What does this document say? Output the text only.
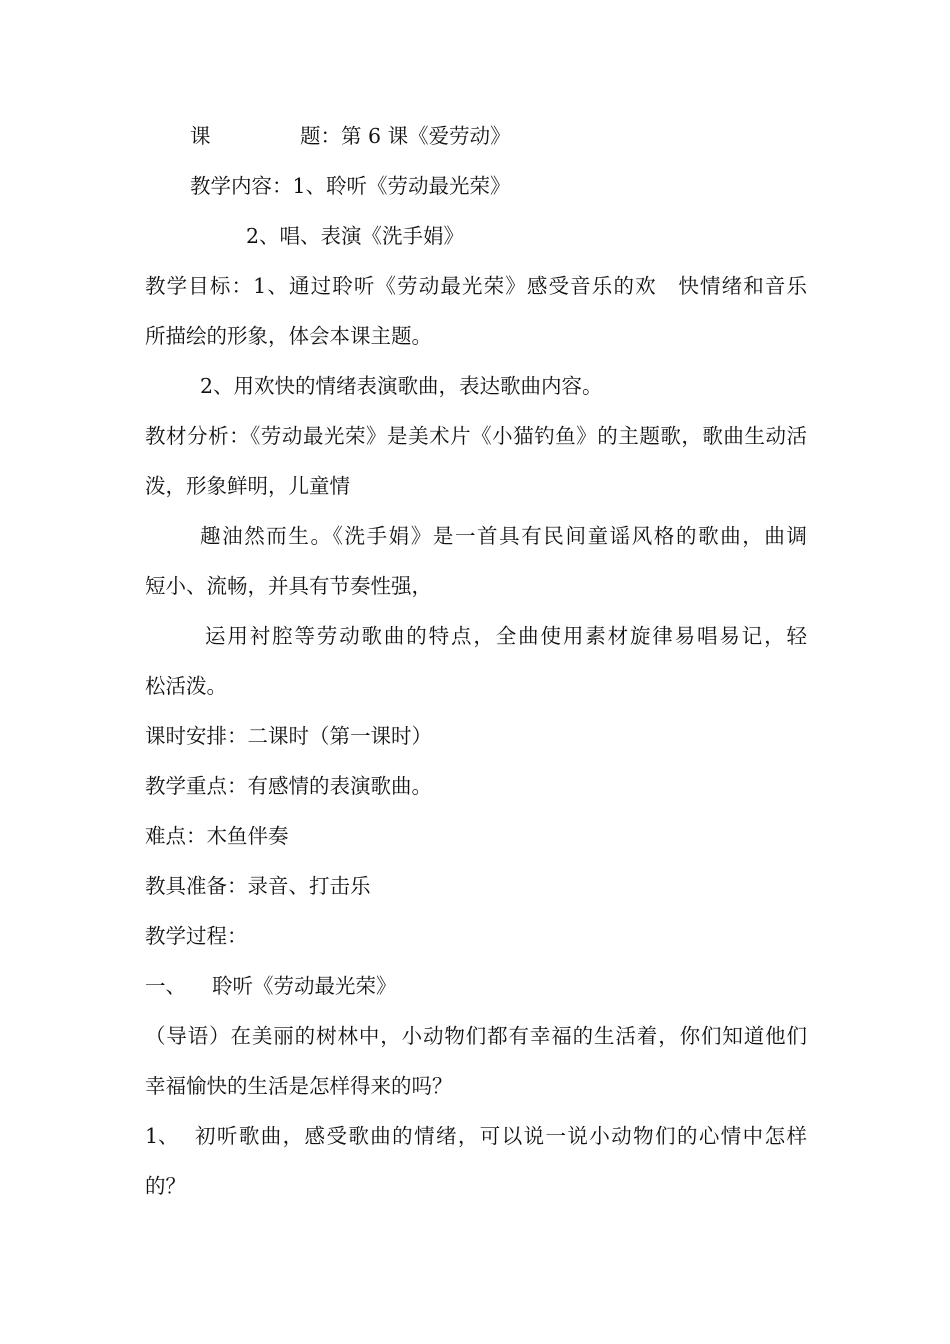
课	题：第 6 课《爱劳动》
教学内容：1、聆听《劳动最光荣》
2、唱、表演《洗手娟》
教学目标：1、通过聆听《劳动最光荣》感受音乐的欢　快情绪和音乐
所描绘的形象，体会本课主题。
2、用欢快的情绪表演歌曲，表达歌曲内容。
教材分析：《劳动最光荣》是美术片《小猫钓鱼》的主题歌，歌曲生动活
泼，形象鲜明，儿童情
趣油然而生。《洗手娟》是一首具有民间童谣风格的歌曲，曲调
短小、流畅，并具有节奏性强，
运用衬腔等劳动歌曲的特点，全曲使用素材旋律易唱易记，轻
松活泼。
课时安排：二课时（第一课时）
教学重点：有感情的表演歌曲。
难点：木鱼伴奏
教具准备：录音、打击乐
教学过程：
一、 聆听《劳动最光荣》
（导语）在美丽的树林中，小动物们都有幸福的生活着，你们知道他们
幸福愉快的生活是怎样得来的吗？
1、 初听歌曲，感受歌曲的情绪，可以说一说小动物们的心情中怎样
的？
